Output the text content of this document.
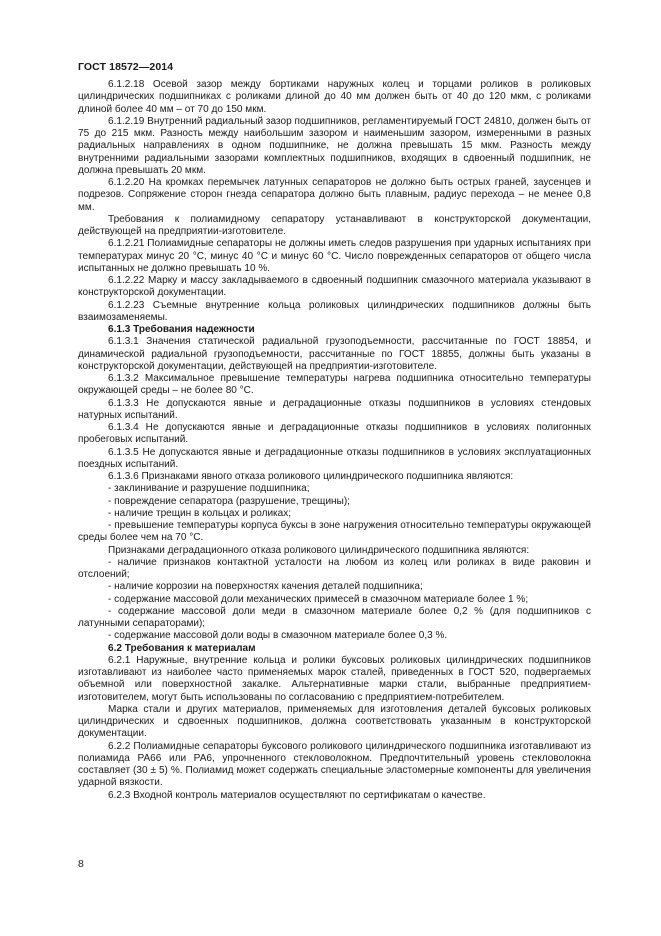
ГОСТ 18572—2014

6.1.2.18 Осевой зазор между бортиками наружных колец и торцами роликов в роликовых цилиндрических подшипниках с роликами длиной до 40 мм должен быть от 40 до 120 мкм, с роликами длиной более 40 мм – от 70 до 150 мкм.

6.1.2.19 Внутренний радиальный зазор подшипников, регламентируемый ГОСТ 24810, должен быть от 75 до 215 мкм. Разность между наибольшим зазором и наименьшим зазором, измеренными в разных радиальных направлениях в одном подшипнике, не должна превышать 15 мкм. Разность между внутренними радиальными зазорами комплектных подшипников, входящих в сдвоенный подшипник, не должна превышать 20 мкм.

6.1.2.20 На кромках перемычек латунных сепараторов не должно быть острых граней, заусенцев и подрезов. Сопряжение сторон гнезда сепаратора должно быть плавным, радиус перехода – не менее 0,8 мм.

Требования к полиамидному сепаратору устанавливают в конструкторской документации, действующей на предприятии-изготовителе.

6.1.2.21 Полиамидные сепараторы не должны иметь следов разрушения при ударных испытаниях при температурах минус 20 °С, минус 40 °С и минус 60 °С. Число поврежденных сепараторов от общего числа испытанных не должно превышать 10 %.

6.1.2.22 Марку и массу закладываемого в сдвоенный подшипник смазочного материала указывают в конструкторской документации.

6.1.2.23 Съемные внутренние кольца роликовых цилиндрических подшипников должны быть взаимозаменяемы.

6.1.3 Требования надежности

6.1.3.1 Значения статической радиальной грузоподъемности, рассчитанные по ГОСТ 18854, и динамической радиальной грузоподъемности, рассчитанные по ГОСТ 18855, должны быть указаны в конструкторской документации, действующей на предприятии-изготовителе.

6.1.3.2 Максимальное превышение температуры нагрева подшипника относительно температуры окружающей среды – не более 80 °С.

6.1.3.3 Не допускаются явные и деградационные отказы подшипников в условиях стендовых натурных испытаний.

6.1.3.4 Не допускаются явные и деградационные отказы подшипников в условиях полигонных пробеговых испытаний.

6.1.3.5 Не допускаются явные и деградационные отказы подшипников в условиях эксплуатационных поездных испытаний.

6.1.3.6 Признаками явного отказа роликового цилиндрического подшипника являются:

- заклинивание и разрушение подшипника;

- повреждение сепаратора (разрушение, трещины);

- наличие трещин в кольцах и роликах;

- превышение температуры корпуса буксы в зоне нагружения относительно температуры окружающей среды более чем на 70 °С.

Признаками деградационного отказа роликового цилиндрического подшипника являются:

- наличие признаков контактной усталости на любом из колец или роликах в виде раковин и отслоений;

- наличие коррозии на поверхностях качения деталей подшипника;

- содержание массовой доли механических примесей в смазочном материале более 1 %;

- содержание массовой доли меди в смазочном материале более 0,2 % (для подшипников с латунными сепараторами);

- содержание массовой доли воды в смазочном материале более 0,3 %.

6.2 Требования к материалам

6.2.1 Наружные, внутренние кольца и ролики буксовых роликовых цилиндрических подшипников изготавливают из наиболее часто применяемых марок сталей, приведенных в ГОСТ 520, подвергаемых объемной или поверхностной закалке. Альтернативные марки стали, выбранные предприятием-изготовителем, могут быть использованы по согласованию с предприятием-потребителем.

Марка стали и других материалов, применяемых для изготовления деталей буксовых роликовых цилиндрических и сдвоенных подшипников, должна соответствовать указанным в конструкторской документации.

6.2.2 Полиамидные сепараторы буксового роликового цилиндрического подшипника изготавливают из полиамида РА66 или РА6, упрочненного стекловолокном. Предпочтительный уровень стекловолокна составляет (30 ± 5) %. Полиамид может содержать специальные эластомерные компоненты для увеличения ударной вязкости.

6.2.3 Входной контроль материалов осуществляют по сертификатам о качестве.

8
